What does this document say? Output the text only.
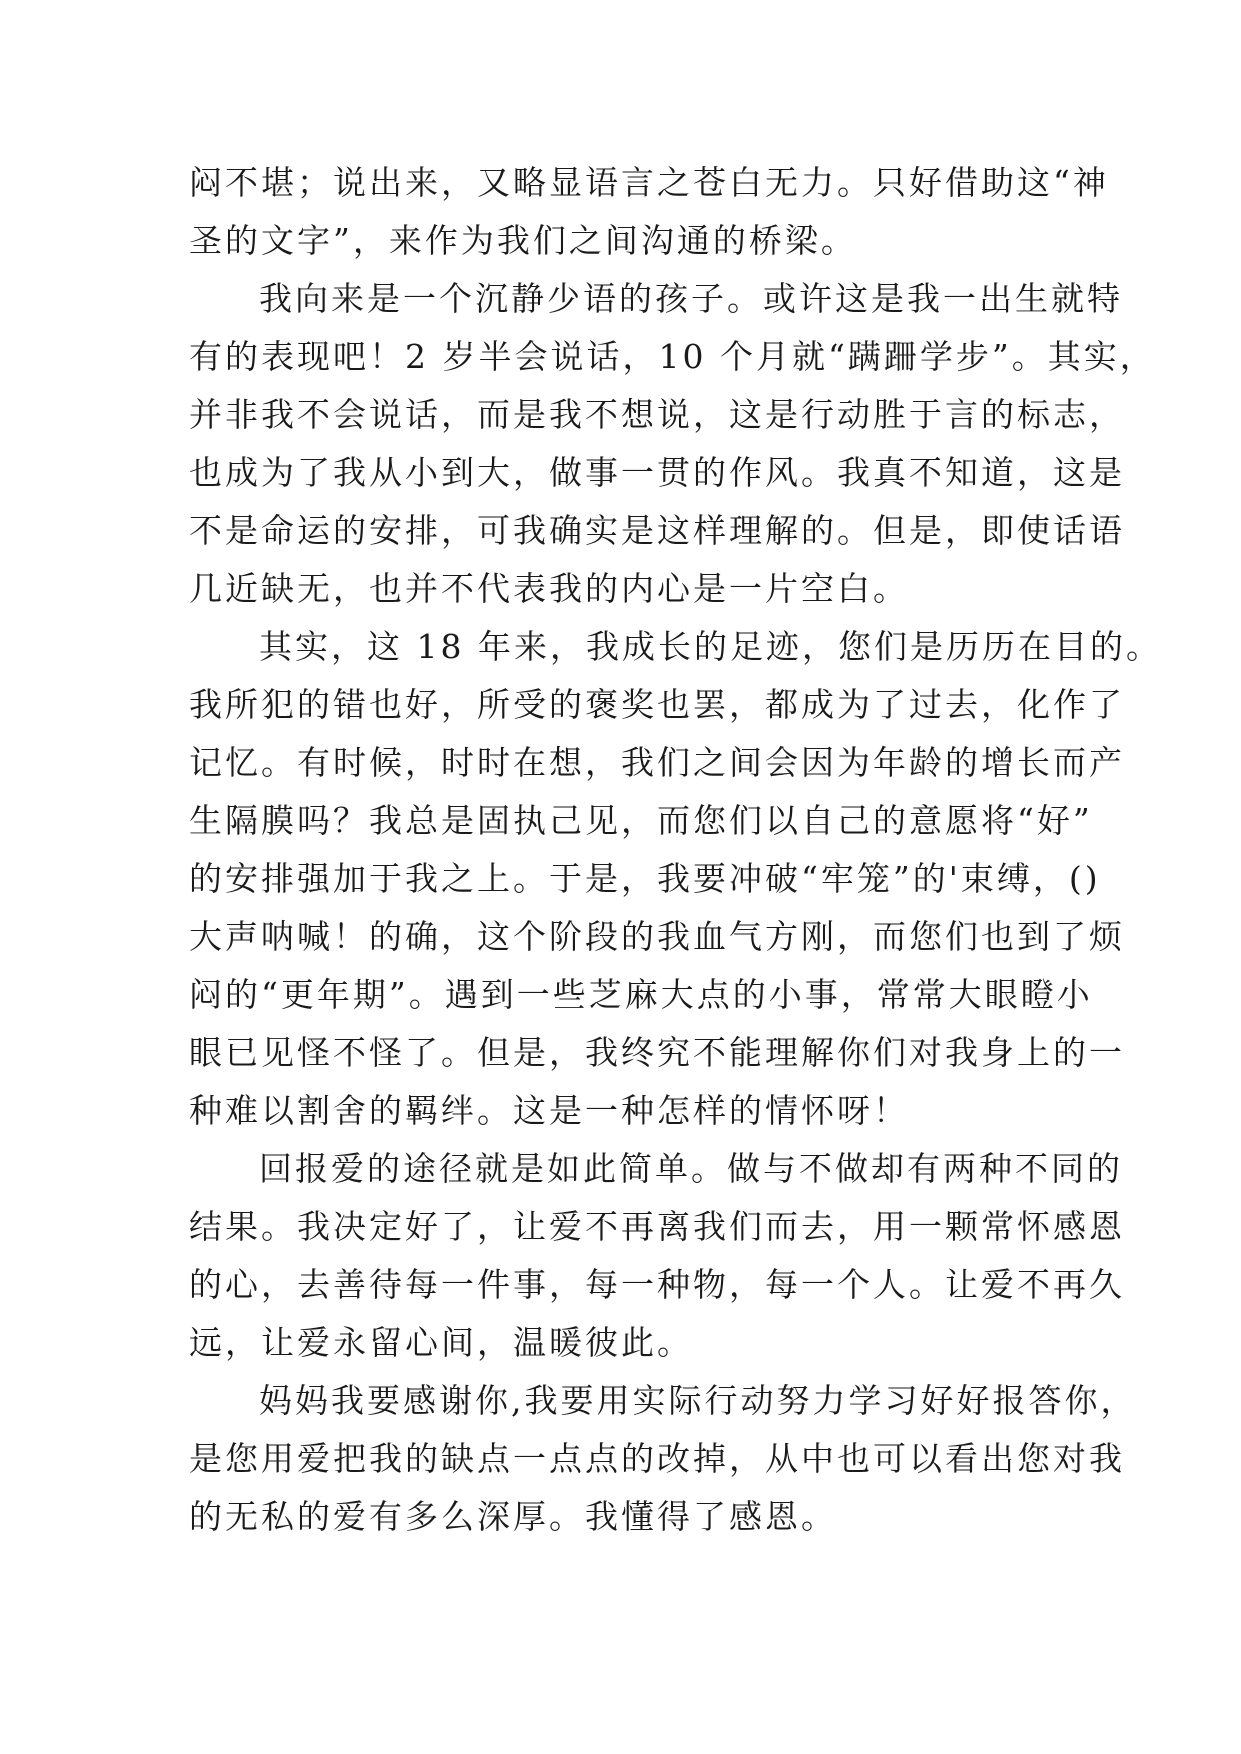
闷不堪；说出来，又略显语言之苍白无力。只好借助这“神
圣的文字”，来作为我们之间沟通的桥梁。
我向来是一个沉静少语的孩子。或许这是我一出生就特
有的表现吧！2 岁半会说话，10 个月就“蹒跚学步”。其实，
并非我不会说话，而是我不想说，这是行动胜于言的标志，
也成为了我从小到大，做事一贯的作风。我真不知道，这是
不是命运的安排，可我确实是这样理解的。但是，即使话语
几近缺无，也并不代表我的内心是一片空白。
其实，这 18 年来，我成长的足迹，您们是历历在目的。
我所犯的错也好，所受的褒奖也罢，都成为了过去，化作了
记忆。有时候，时时在想，我们之间会因为年龄的增长而产
生隔膜吗？我总是固执己见，而您们以自己的意愿将“好”
的安排强加于我之上。于是，我要冲破“牢笼”的'束缚，()
大声呐喊！的确，这个阶段的我血气方刚，而您们也到了烦
闷的“更年期”。遇到一些芝麻大点的小事，常常大眼瞪小
眼已见怪不怪了。但是，我终究不能理解你们对我身上的一
种难以割舍的羁绊。这是一种怎样的情怀呀！
回报爱的途径就是如此简单。做与不做却有两种不同的
结果。我决定好了，让爱不再离我们而去，用一颗常怀感恩
的心，去善待每一件事，每一种物，每一个人。让爱不再久
远，让爱永留心间，温暖彼此。
妈妈我要感谢你,我要用实际行动努力学习好好报答你，
是您用爱把我的缺点一点点的改掉，从中也可以看出您对我
的无私的爱有多么深厚。我懂得了感恩。
